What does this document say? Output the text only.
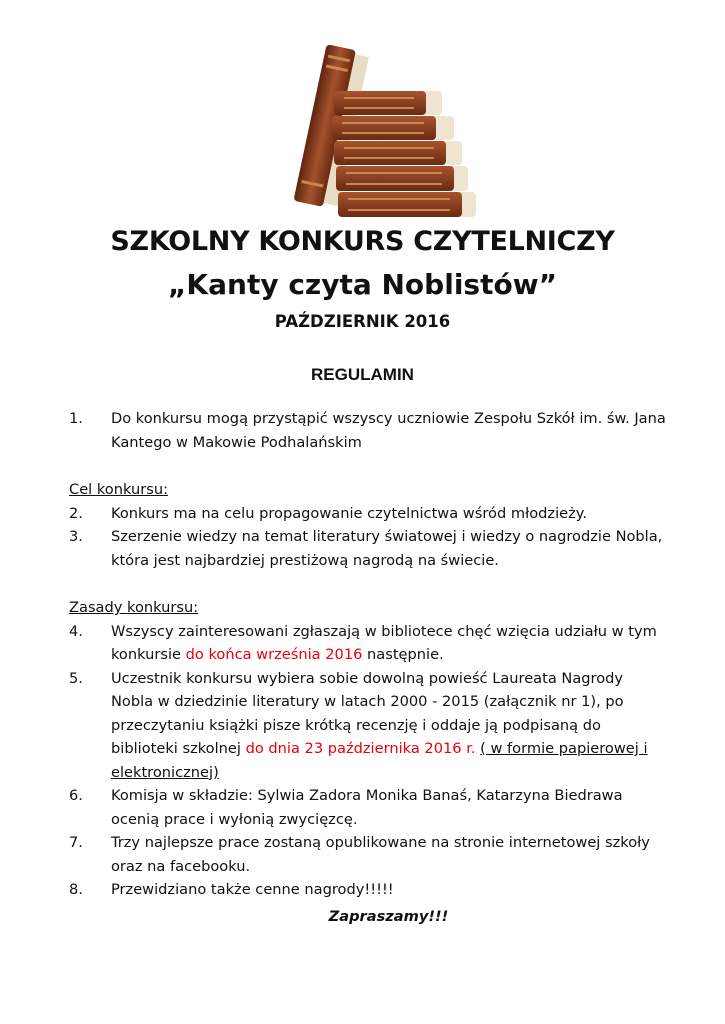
SZKOLNY KONKURS CZYTELNICZY
„Kanty czyta Noblistów”
PAŹDZIERNIK 2016
REGULAMIN
1.	Do konkursu mogą przystąpić wszyscy uczniowie Zespołu Szkół im. św. Jana Kantego w Makowie Podhalańskim
Cel konkursu:
2.	Konkurs ma na celu propagowanie czytelnictwa wśród młodzieży.
3.	Szerzenie wiedzy na temat literatury światowej i wiedzy o nagrodzie Nobla, która jest najbardziej prestiżową nagrodą na świecie.
Zasady konkursu:
4.	Wszyscy zainteresowani zgłaszają w bibliotece chęć wzięcia udziału w tym konkursie do końca września 2016 następnie.
5.	Uczestnik konkursu wybiera sobie dowolną powieść Laureata Nagrody Nobla w dziedzinie literatury w latach 2000 - 2015 (załącznik nr 1), po przeczytaniu książki pisze krótką recenzję i oddaje ją podpisaną do biblioteki szkolnej do dnia 23 października 2016 r. ( w formie papierowej i elektronicznej)
6.	Komisja w składzie: Sylwia Zadora Monika Banaś, Katarzyna Biedrawa ocenią prace i wyłonią zwycięzcę.
7.	Trzy najlepsze prace zostaną opublikowane na stronie internetowej szkoły oraz na facebooku.
8.	Przewidziano także cenne nagrody!!!!!
Zapraszamy!!!
